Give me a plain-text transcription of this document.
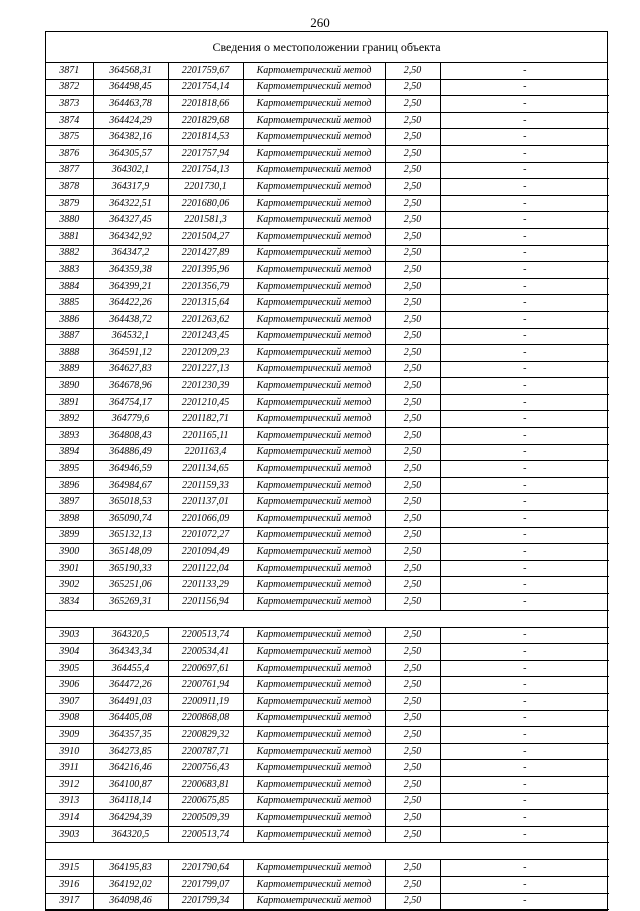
260
Сведения о местоположении границ объекта
3871	364568,31	2201759,67	Картометрический метод	2,50	-
3872	364498,45	2201754,14	Картометрический метод	2,50	-
3873	364463,78	2201818,66	Картометрический метод	2,50	-
3874	364424,29	2201829,68	Картометрический метод	2,50	-
3875	364382,16	2201814,53	Картометрический метод	2,50	-
3876	364305,57	2201757,94	Картометрический метод	2,50	-
3877	364302,1	2201754,13	Картометрический метод	2,50	-
3878	364317,9	2201730,1	Картометрический метод	2,50	-
3879	364322,51	2201680,06	Картометрический метод	2,50	-
3880	364327,45	2201581,3	Картометрический метод	2,50	-
3881	364342,92	2201504,27	Картометрический метод	2,50	-
3882	364347,2	2201427,89	Картометрический метод	2,50	-
3883	364359,38	2201395,96	Картометрический метод	2,50	-
3884	364399,21	2201356,79	Картометрический метод	2,50	-
3885	364422,26	2201315,64	Картометрический метод	2,50	-
3886	364438,72	2201263,62	Картометрический метод	2,50	-
3887	364532,1	2201243,45	Картометрический метод	2,50	-
3888	364591,12	2201209,23	Картометрический метод	2,50	-
3889	364627,83	2201227,13	Картометрический метод	2,50	-
3890	364678,96	2201230,39	Картометрический метод	2,50	-
3891	364754,17	2201210,45	Картометрический метод	2,50	-
3892	364779,6	2201182,71	Картометрический метод	2,50	-
3893	364808,43	2201165,11	Картометрический метод	2,50	-
3894	364886,49	2201163,4	Картометрический метод	2,50	-
3895	364946,59	2201134,65	Картометрический метод	2,50	-
3896	364984,67	2201159,33	Картометрический метод	2,50	-
3897	365018,53	2201137,01	Картометрический метод	2,50	-
3898	365090,74	2201066,09	Картометрический метод	2,50	-
3899	365132,13	2201072,27	Картометрический метод	2,50	-
3900	365148,09	2201094,49	Картометрический метод	2,50	-
3901	365190,33	2201122,04	Картометрический метод	2,50	-
3902	365251,06	2201133,29	Картометрический метод	2,50	-
3834	365269,31	2201156,94	Картометрический метод	2,50	-

3903	364320,5	2200513,74	Картометрический метод	2,50	-
3904	364343,34	2200534,41	Картометрический метод	2,50	-
3905	364455,4	2200697,61	Картометрический метод	2,50	-
3906	364472,26	2200761,94	Картометрический метод	2,50	-
3907	364491,03	2200911,19	Картометрический метод	2,50	-
3908	364405,08	2200868,08	Картометрический метод	2,50	-
3909	364357,35	2200829,32	Картометрический метод	2,50	-
3910	364273,85	2200787,71	Картометрический метод	2,50	-
3911	364216,46	2200756,43	Картометрический метод	2,50	-
3912	364100,87	2200683,81	Картометрический метод	2,50	-
3913	364118,14	2200675,85	Картометрический метод	2,50	-
3914	364294,39	2200509,39	Картометрический метод	2,50	-
3903	364320,5	2200513,74	Картометрический метод	2,50	-

3915	364195,83	2201790,64	Картометрический метод	2,50	-
3916	364192,02	2201799,07	Картометрический метод	2,50	-
3917	364098,46	2201799,34	Картометрический метод	2,50	-
